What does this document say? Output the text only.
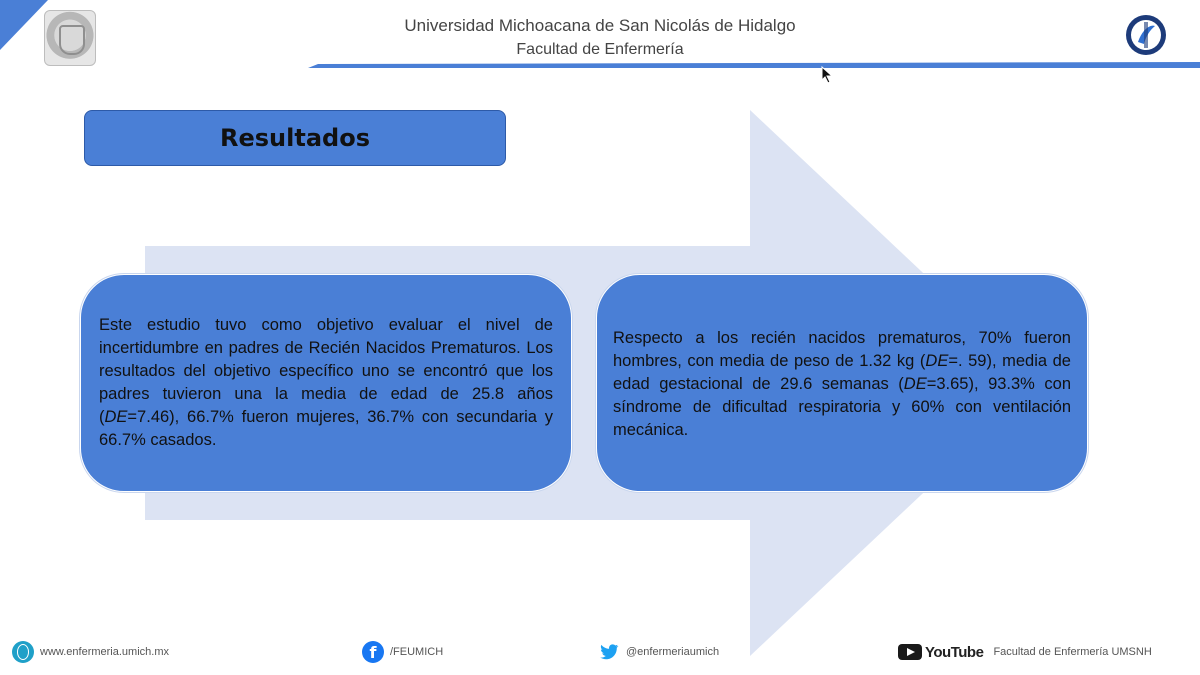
Universidad Michoacana de San Nicolás de Hidalgo
Facultad de Enfermería
Resultados

Este estudio tuvo como objetivo evaluar el nivel de incertidumbre en padres de Recién Nacidos Prematuros. Los resultados del objetivo específico uno se encontró que los padres tuvieron una la media de edad de 25.8 años (DE=7.46), 66.7% fueron mujeres, 36.7% con secundaria y 66.7% casados.

Respecto a los recién nacidos prematuros, 70% fueron hombres, con media de peso de 1.32 kg (DE=. 59), media de edad gestacional de 29.6 semanas (DE=3.65), 93.3% con síndrome de dificultad respiratoria y 60% con ventilación mecánica.

www.enfermeria.umich.mx	f	/FEUMICH	@enfermeriaumich	YouTube Facultad de Enfermería UMSNH
